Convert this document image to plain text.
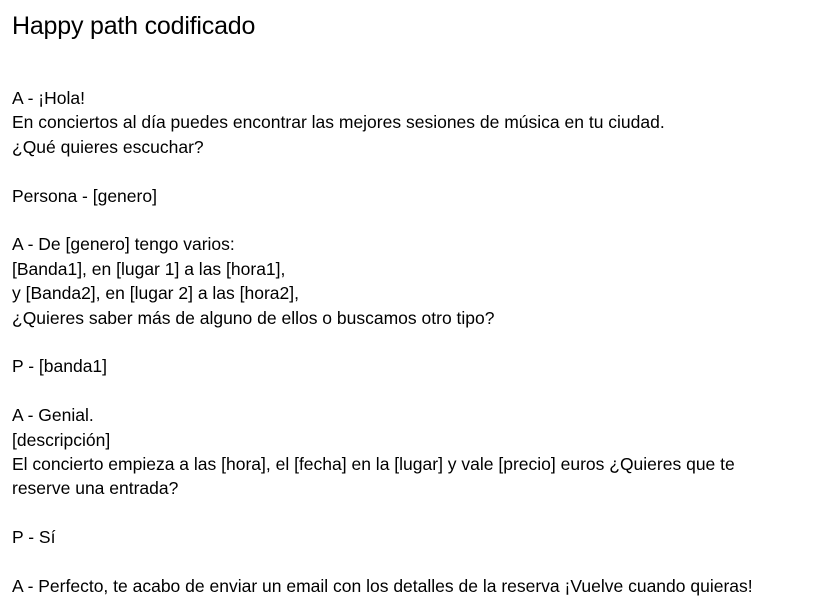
Happy path codificado
A - ¡Hola!
En conciertos al día puedes encontrar las mejores sesiones de música en tu ciudad.
¿Qué quieres escuchar?
Persona - [genero]
A - De [genero] tengo varios:
[Banda1], en [lugar 1] a las [hora1],
y [Banda2], en [lugar 2] a las [hora2],
¿Quieres saber más de alguno de ellos o buscamos otro tipo?
P - [banda1]
A - Genial.
[descripción]
El concierto empieza a las [hora], el [fecha] en la [lugar] y vale [precio] euros ¿Quieres que te
reserve una entrada?
P - Sí
A - Perfecto, te acabo de enviar un email con los detalles de la reserva ¡Vuelve cuando quieras!
